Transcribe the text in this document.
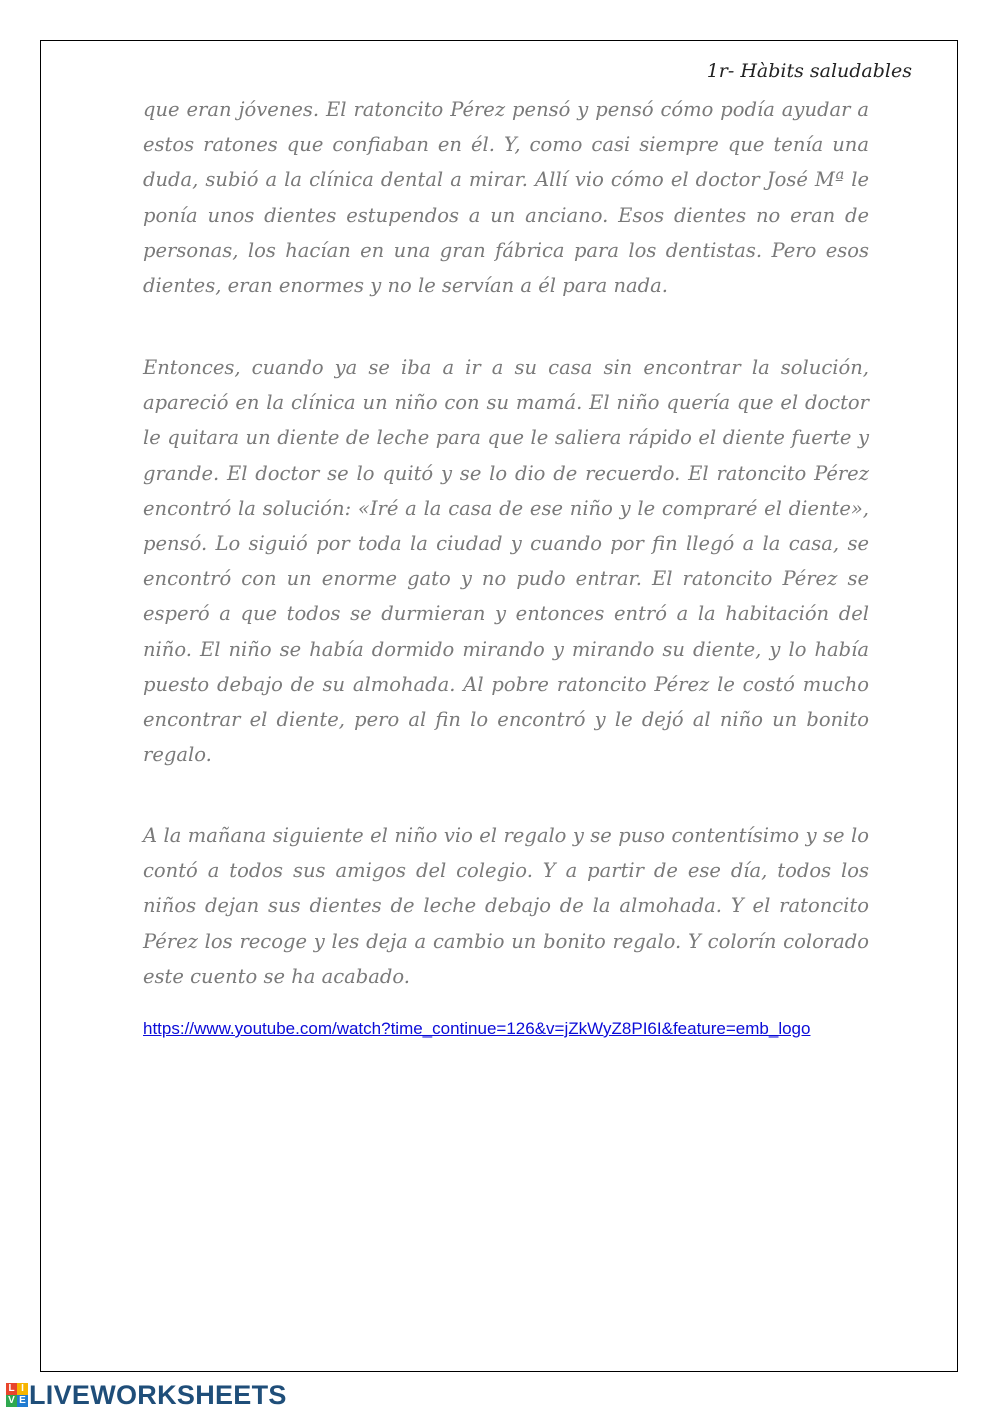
1r- Hàbits saludables

que eran jóvenes. El ratoncito Pérez pensó y pensó cómo podía ayudar a estos ratones que confiaban en él. Y, como casi siempre que tenía una duda, subió a la clínica dental a mirar. Allí vio cómo el doctor José Mª le ponía unos dientes estupendos a un anciano. Esos dientes no eran de personas, los hacían en una gran fábrica para los dentistas. Pero esos dientes, eran enormes y no le servían a él para nada.

Entonces, cuando ya se iba a ir a su casa sin encontrar la solución, apareció en la clínica un niño con su mamá. El niño quería que el doctor le quitara un diente de leche para que le saliera rápido el diente fuerte y grande. El doctor se lo quitó y se lo dio de recuerdo. El ratoncito Pérez encontró la solución: «Iré a la casa de ese niño y le compraré el diente», pensó. Lo siguió por toda la ciudad y cuando por fin llegó a la casa, se encontró con un enorme gato y no pudo entrar. El ratoncito Pérez se esperó a que todos se durmieran y entonces entró a la habitación del niño. El niño se había dormido mirando y mirando su diente, y lo había puesto debajo de su almohada. Al pobre ratoncito Pérez le costó mucho encontrar el diente, pero al fin lo encontró y le dejó al niño un bonito regalo.

A la mañana siguiente el niño vio el regalo y se puso contentísimo y se lo contó a todos sus amigos del colegio. Y a partir de ese día, todos los niños dejan sus dientes de leche debajo de la almohada. Y el ratoncito Pérez los recoge y les deja a cambio un bonito regalo. Y colorín colorado este cuento se ha acabado.

https://www.youtube.com/watch?time_continue=126&v=jZkWyZ8PI6I&feature=emb_logo
L I
V E LIVEWORKSHEETS
